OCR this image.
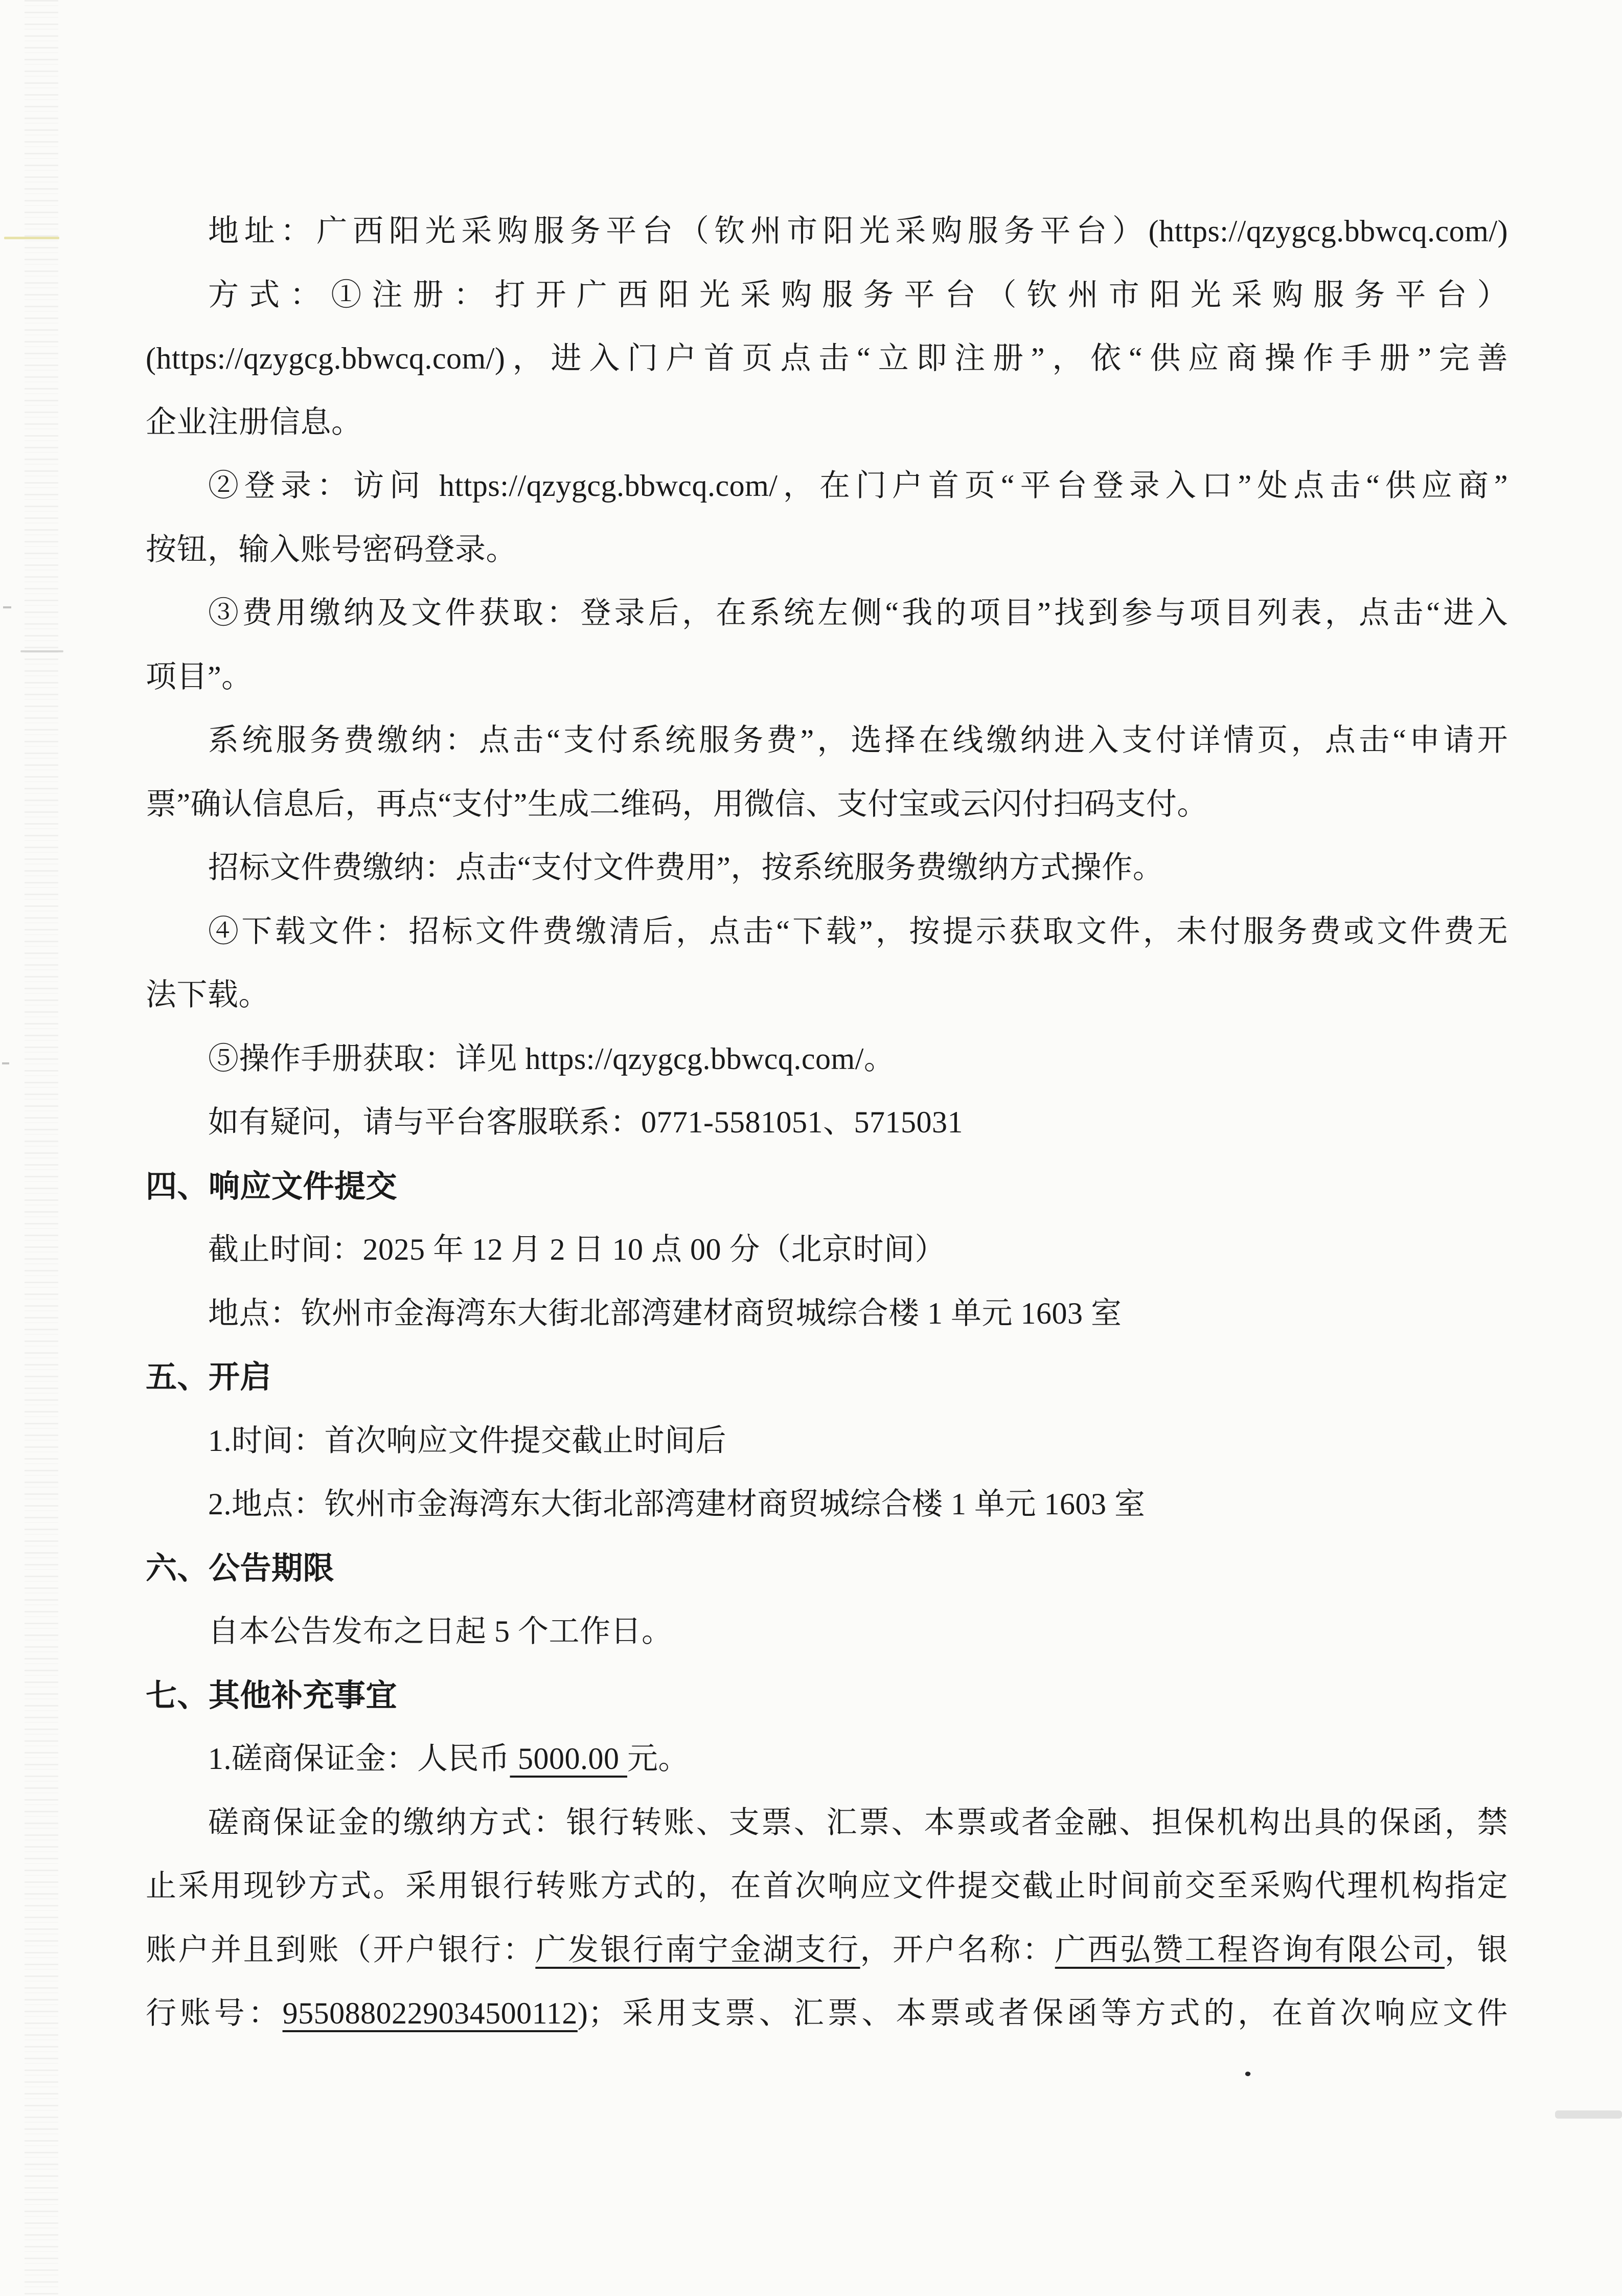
地址：广西阳光采购服务平台（钦州市阳光采购服务平台）(https://qzygcg.bbwcq.com/)
方式：①注册：打开广西阳光采购服务平台（钦州市阳光采购服务平台）
(https://qzygcg.bbwcq.com/)，进入门户首页点击“立即注册”，依“供应商操作手册”完善
企业注册信息。
②登录：访问 https://qzygcg.bbwcq.com/，在门户首页“平台登录入口”处点击“供应商”
按钮，输入账号密码登录。
③费用缴纳及文件获取：登录后，在系统左侧“我的项目”找到参与项目列表，点击“进入
项目”。
系统服务费缴纳：点击“支付系统服务费”，选择在线缴纳进入支付详情页，点击“申请开
票”确认信息后，再点“支付”生成二维码，用微信、支付宝或云闪付扫码支付。
招标文件费缴纳：点击“支付文件费用”，按系统服务费缴纳方式操作。
④下载文件：招标文件费缴清后，点击“下载”，按提示获取文件，未付服务费或文件费无
法下载。
⑤操作手册获取：详见 https://qzygcg.bbwcq.com/。
如有疑问，请与平台客服联系：0771-5581051、5715031
四、响应文件提交
截止时间：2025 年 12 月 2 日 10 点 00 分（北京时间）
地点：钦州市金海湾东大街北部湾建材商贸城综合楼 1 单元 1603 室
五、开启
1.时间：首次响应文件提交截止时间后
2.地点：钦州市金海湾东大街北部湾建材商贸城综合楼 1 单元 1603 室
六、公告期限
自本公告发布之日起 5 个工作日。
七、其他补充事宜
1.磋商保证金：人民币 5000.00 元。
磋商保证金的缴纳方式：银行转账、支票、汇票、本票或者金融、担保机构出具的保函，禁
止采用现钞方式。采用银行转账方式的，在首次响应文件提交截止时间前交至采购代理机构指定
账户并且到账（开户银行：广发银行南宁金湖支行，开户名称：广西弘赞工程咨询有限公司，银
行账号：9550880229034500112)；采用支票、汇票、本票或者保函等方式的，在首次响应文件
